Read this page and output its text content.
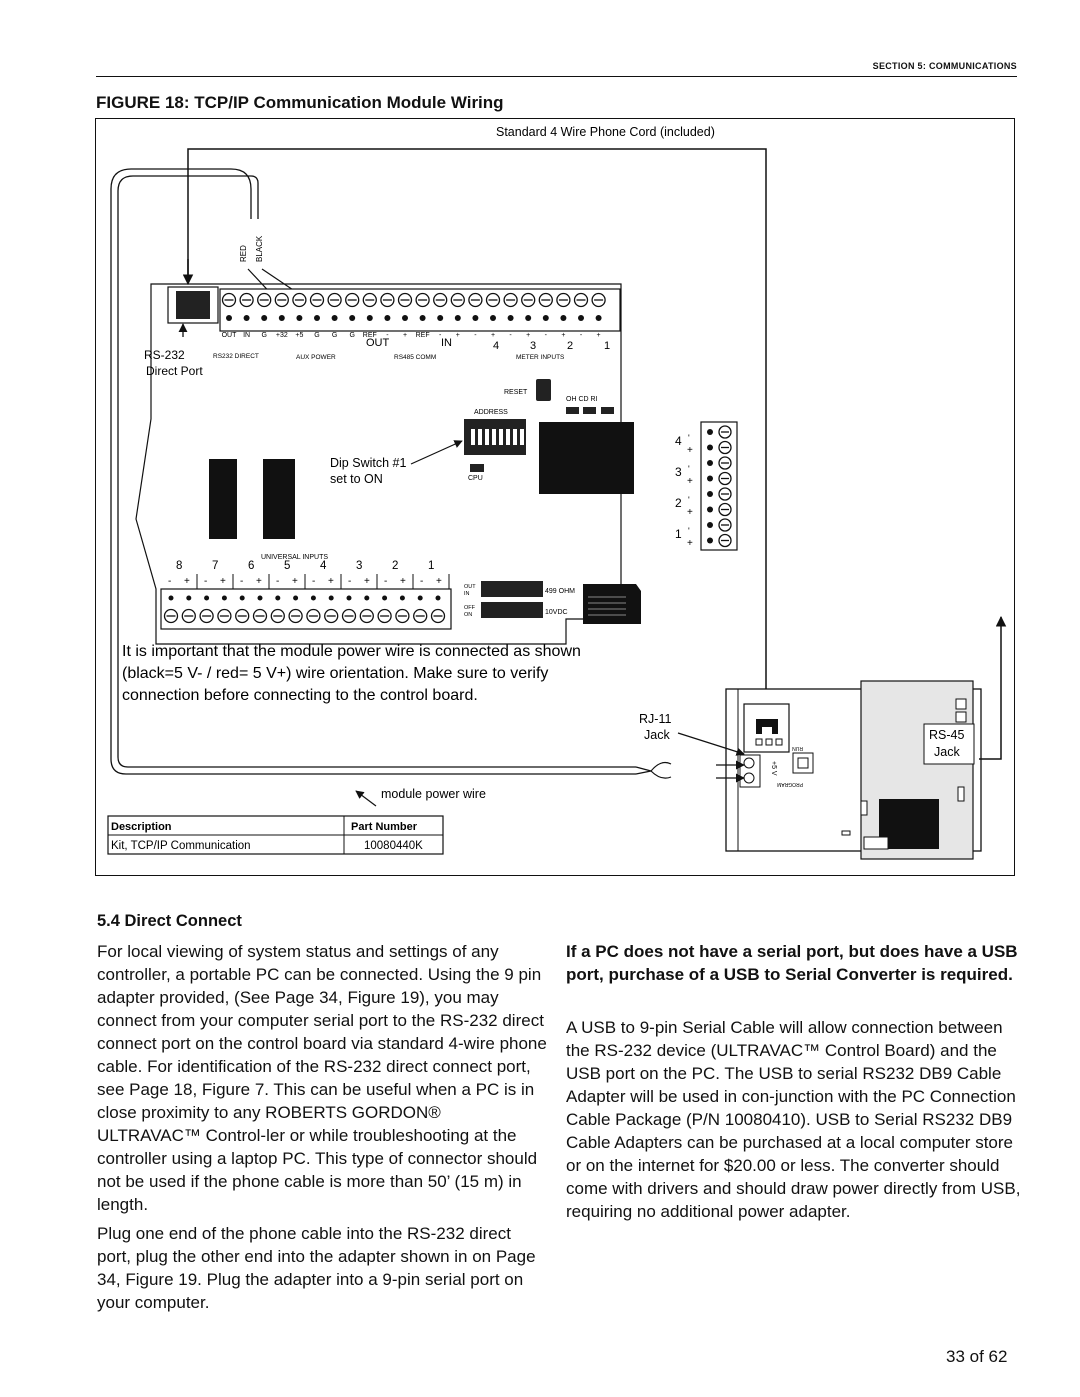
SECTION 5: COMMUNICATIONS
FIGURE 18: TCP/IP Communication Module Wiring
Standard 4 Wire Phone Cord (included)
RED BLACK
OUT IN G +32 +5 G G G REF - + REF - + - + - + - + - +
OUT	IN	4	3	2	1
RS-232
Direct Port
RS232 DIRECT	AUX POWER	RS485 COMM	METER INPUTS
RESET
OH CD RI
ADDRESS
CPU
Dip Switch #1
set to ON
4 '
+
3 '
+
2 '
+
1 '
+
UNIVERSAL INPUTS
8
- +
7
- +
6
- +
5
- +
4
- +
3
- +
2
- +
1
- +	OUT
IN	499 OHM
OFF
ON	10VDC
It is important that the module power wire is connected as shown
(black=5 V- / red= 5 V+) wire orientation. Make sure to verify
connection before connecting to the control board.
RUN
PROGRAM
+5 V
RJ-11
Jack	RS-45
Jack
module power wire
Description	Part Number
Kit, TCP/IP Communication	10080440K
5.4 Direct Connect
For local viewing of system status and settings of any controller, a portable PC can be connected. Using the 9 pin adapter provided, (See Page 34, Figure 19), you may connect from your computer serial port to the RS-232 direct connect port on the control board via standard 4-wire phone cable. For identification of the RS-232 direct connect port, see Page 18, Figure 7. This can be useful when a PC is in close proximity to any ROBERTS GORDON® ULTRAVAC™ Control-ler or while troubleshooting at the controller using a laptop PC. This type of connector should not be used if the phone cable is more than 50’ (15 m) in length.
Plug one end of the phone cable into the RS-232 direct port, plug the other end into the adapter shown in on Page 34, Figure 19. Plug the adapter into a 9-pin serial port on your computer.
If a PC does not have a serial port, but does have a USB port, purchase of a USB to Serial Converter is required.
A USB to 9-pin Serial Cable will allow connection between the RS-232 device (ULTRAVAC™ Control Board) and the USB port on the PC. The USB to serial RS232 DB9 Cable Adapter will be used in con-junction with the PC Connection Cable Package (P/N 10080410). USB to Serial RS232 DB9 Cable Adapters can be purchased at a local computer store or on the internet for $20.00 or less. The converter should come with drivers and should draw power directly from USB, requiring no additional power adapter.
33 of 62
